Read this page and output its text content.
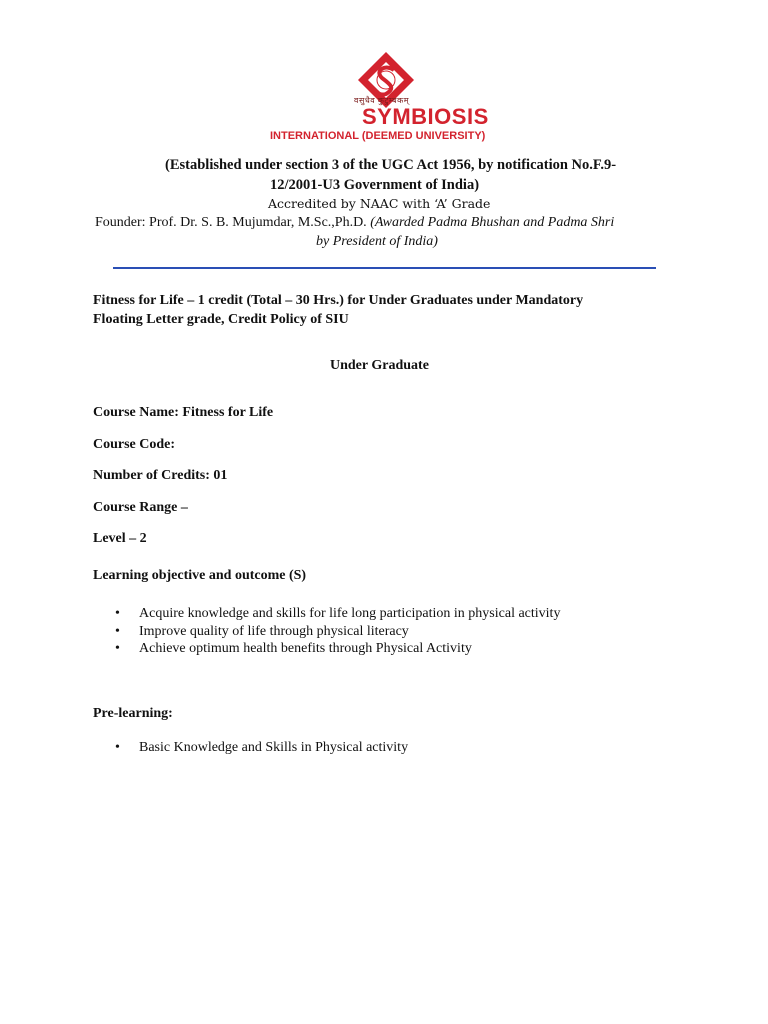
वसुधैव कुटुम्बकम्
SYMBIOSIS
INTERNATIONAL (DEEMED UNIVERSITY)
(Established under section 3 of the UGC Act 1956, by notification No.F.9-
12/2001-U3 Government of India)
Accredited by NAAC with ‘A’ Grade
Founder: Prof. Dr. S. B. Mujumdar, M.Sc.,Ph.D. (Awarded Padma Bhushan and Padma Shri
by President of India)
Fitness for Life – 1 credit (Total – 30 Hrs.) for Under Graduates under Mandatory
Floating Letter grade, Credit Policy of SIU
Under Graduate
Course Name: Fitness for Life
Course Code:
Number of Credits: 01
Course Range –
Level – 2
Learning objective and outcome (S)
• Acquire knowledge and skills for life long participation in physical activity
• Improve quality of life through physical literacy
• Achieve optimum health benefits through Physical Activity
Pre-learning:
• Basic Knowledge and Skills in Physical activity
